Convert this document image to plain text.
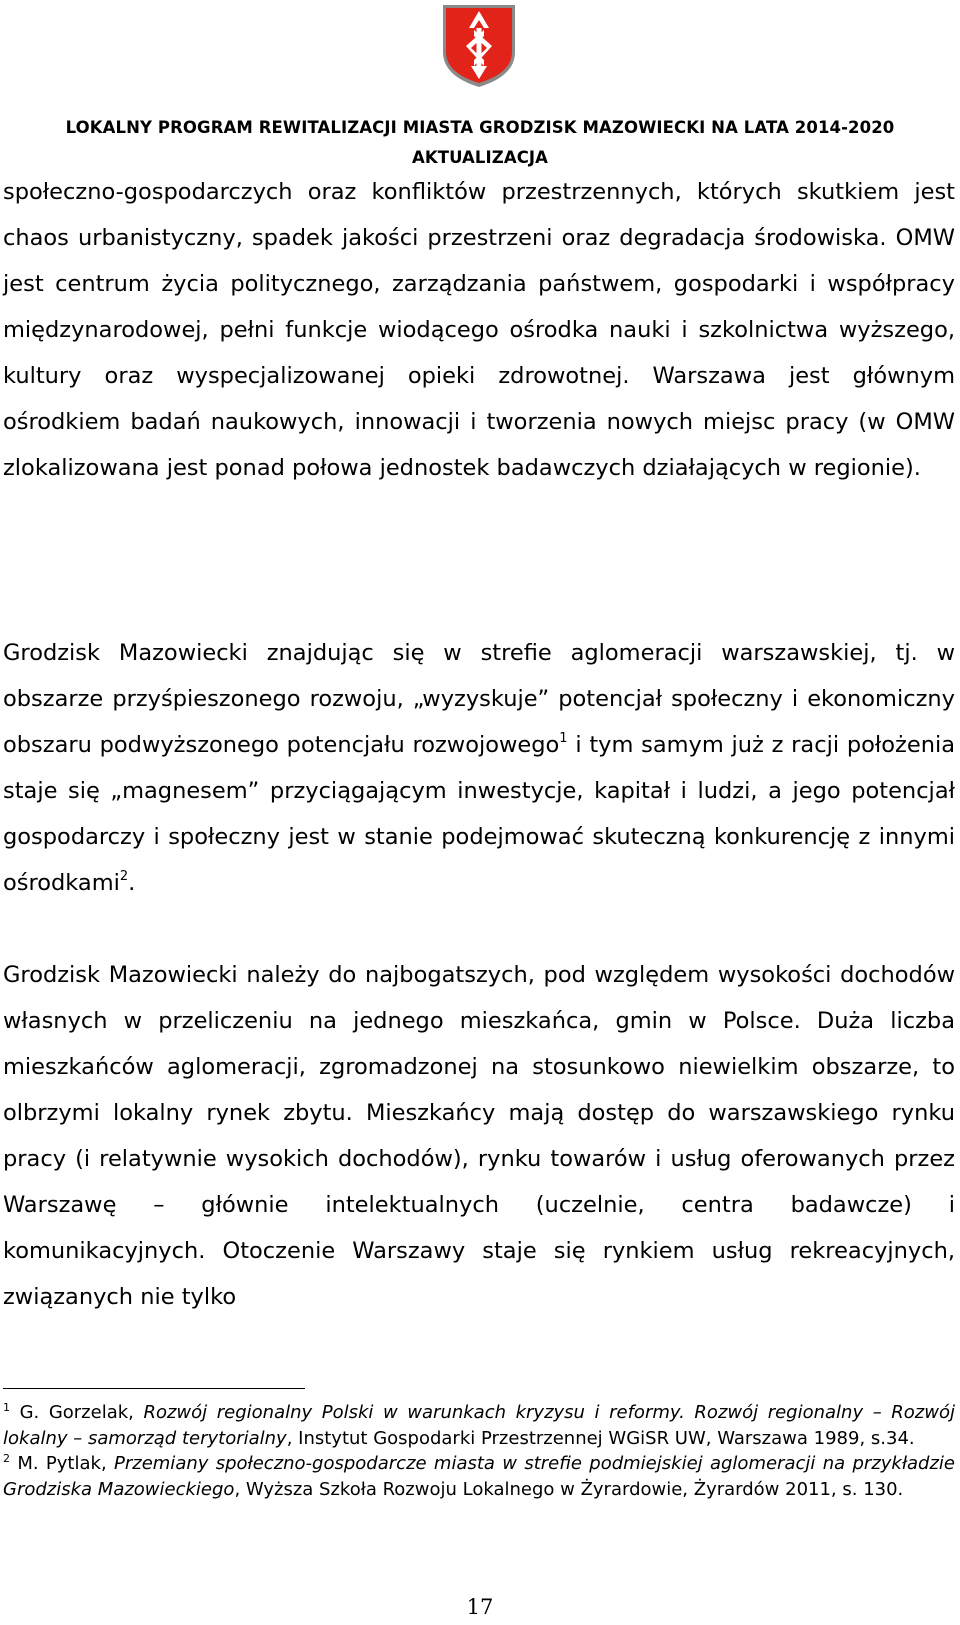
LOKALNY PROGRAM REWITALIZACJI MIASTA GRODZISK MAZOWIECKI NA LATA 2014-2020
AKTUALIZACJA

społeczno-gospodarczych oraz konfliktów przestrzennych, których skutkiem jest chaos urbanistyczny, spadek jakości przestrzeni oraz degradacja środowiska. OMW jest centrum życia politycznego, zarządzania państwem, gospodarki i współpracy międzynarodowej, pełni funkcje wiodącego ośrodka nauki i szkolnictwa wyższego, kultury oraz wyspecjalizowanej opieki zdrowotnej. Warszawa jest głównym ośrodkiem badań naukowych, innowacji i tworzenia nowych miejsc pracy (w OMW zlokalizowana jest ponad połowa jednostek badawczych działających w regionie).

Grodzisk Mazowiecki znajdując się w strefie aglomeracji warszawskiej, tj. w obszarze przyśpieszonego rozwoju, „wyzyskuje” potencjał społeczny i ekonomiczny obszaru podwyższonego potencjału rozwojowego$^1$ i tym samym już z racji położenia staje się „magnesem” przyciągającym inwestycje, kapitał i ludzi, a jego potencjał gospodarczy i społeczny jest w stanie podejmować skuteczną konkurencję z innymi ośrodkami$^2$.

Grodzisk Mazowiecki należy do najbogatszych, pod względem wysokości dochodów własnych w przeliczeniu na jednego mieszkańca, gmin w Polsce. Duża liczba mieszkańców aglomeracji, zgromadzonej na stosunkowo niewielkim obszarze, to olbrzymi lokalny rynek zbytu. Mieszkańcy mają dostęp do warszawskiego rynku pracy (i relatywnie wysokich dochodów), rynku towarów i usług oferowanych przez Warszawę – głównie intelektualnych (uczelnie, centra badawcze) i komunikacyjnych. Otoczenie Warszawy staje się rynkiem usług rekreacyjnych, związanych nie tylko

$^1$ G. Gorzelak, Rozwój regionalny Polski w warunkach kryzysu i reformy. Rozwój regionalny – Rozwój lokalny – samorząd terytorialny, Instytut Gospodarki Przestrzennej WGiSR UW, Warszawa 1989, s.34.

$^2$ M. Pytlak, Przemiany społeczno-gospodarcze miasta w strefie podmiejskiej aglomeracji na przykładzie Grodziska Mazowieckiego, Wyższa Szkoła Rozwoju Lokalnego w Żyrardowie, Żyrardów 2011, s. 130.

17
